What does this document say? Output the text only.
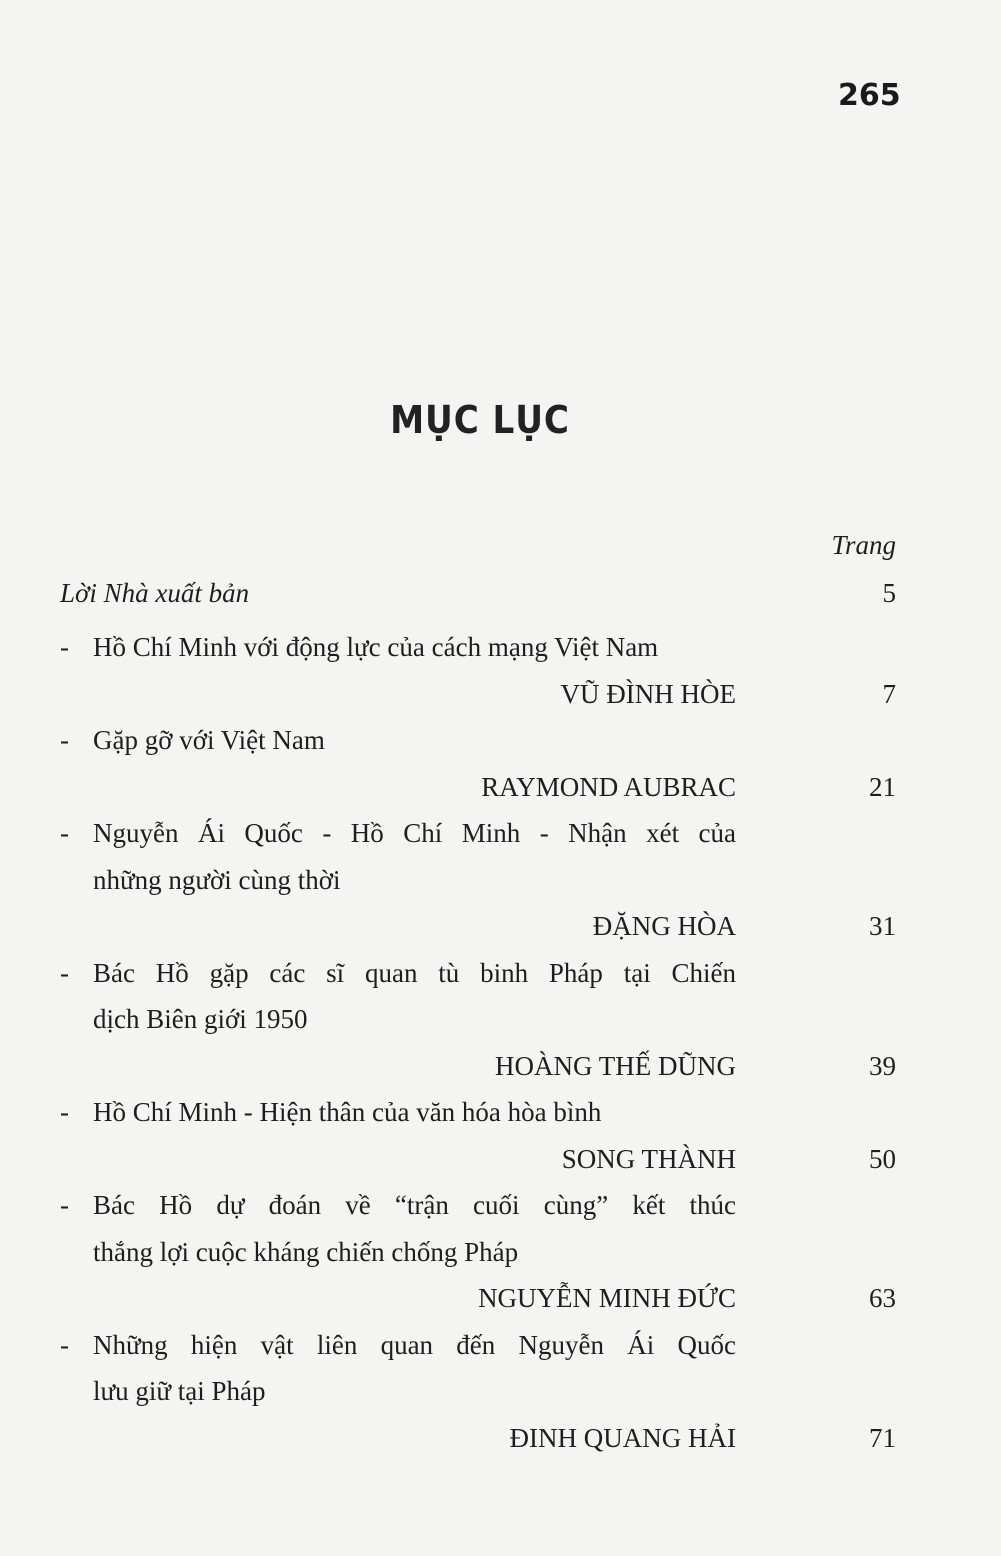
265
MỤC LỤC
Trang
Lời Nhà xuất bản	5
- Hồ Chí Minh với động lực của cách mạng Việt Nam
VŨ ĐÌNH HÒE	7
- Gặp gỡ với Việt Nam
RAYMOND AUBRAC	21
- Nguyễn Ái Quốc - Hồ Chí Minh - Nhận xét của
những người cùng thời
ĐẶNG HÒA	31
- Bác Hồ gặp các sĩ quan tù binh Pháp tại Chiến
dịch Biên giới 1950
HOÀNG THẾ DŨNG	39
- Hồ Chí Minh - Hiện thân của văn hóa hòa bình
SONG THÀNH	50
- Bác Hồ dự đoán về “trận cuối cùng” kết thúc
thắng lợi cuộc kháng chiến chống Pháp
NGUYỄN MINH ĐỨC	63
- Những hiện vật liên quan đến Nguyễn Ái Quốc
lưu giữ tại Pháp
ĐINH QUANG HẢI	71
